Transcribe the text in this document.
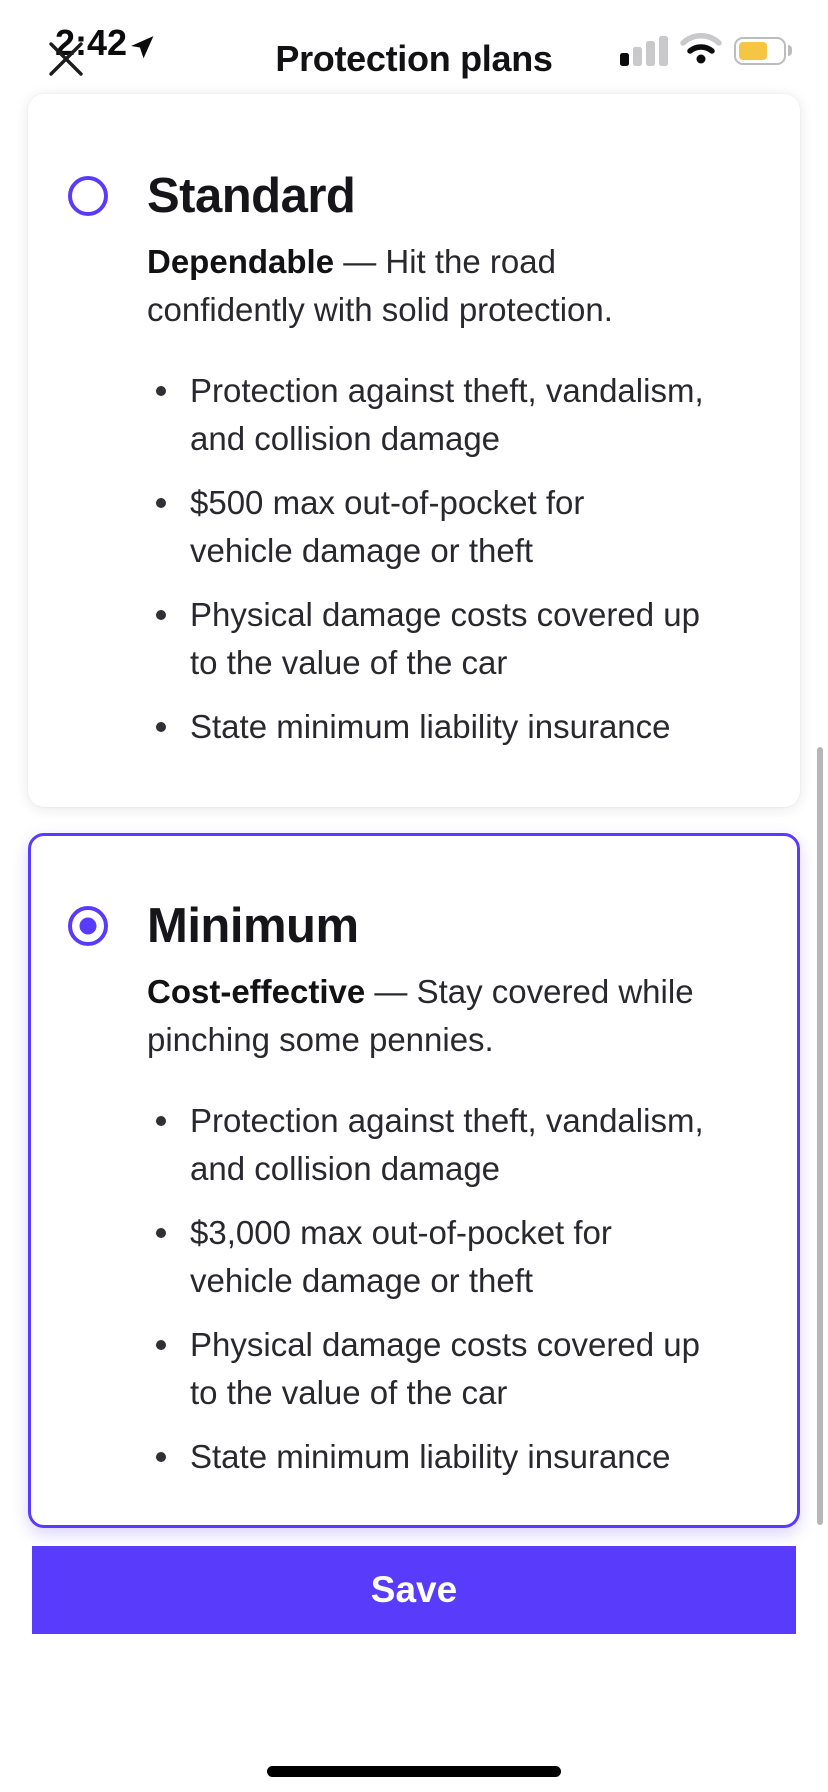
2:42	Protection plans
Standard

Dependable — Hit the road
confidently with solid protection.

Protection against theft, vandalism,
and collision damage
$500 max out-of-pocket for
vehicle damage or theft
Physical damage costs covered up
to the value of the car
State minimum liability insurance
Minimum

Cost-effective — Stay covered while
pinching some pennies.

Protection against theft, vandalism,
and collision damage
$3,000 max out-of-pocket for
vehicle damage or theft
Physical damage costs covered up
to the value of the car
State minimum liability insurance
Save
